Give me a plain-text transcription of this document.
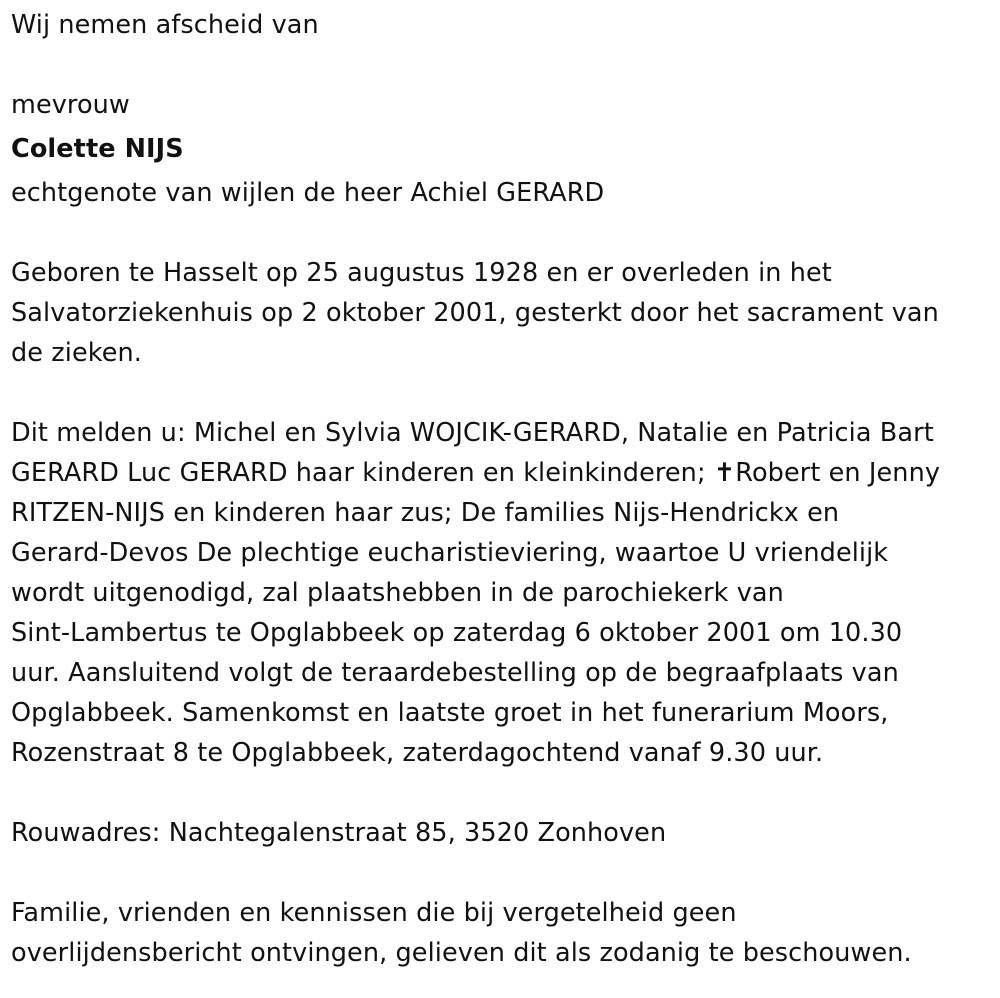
Wij nemen afscheid van
mevrouw
Colette NIJS
echtgenote van wijlen de heer Achiel GERARD
Geboren te Hasselt op 25 augustus 1928 en er overleden in het
Salvatorziekenhuis op 2 oktober 2001, gesterkt door het sacrament van
de zieken.
Dit melden u: Michel en Sylvia WOJCIK-GERARD, Natalie en Patricia Bart
GERARD Luc GERARD haar kinderen en kleinkinderen; ✝Robert en Jenny
RITZEN-NIJS en kinderen haar zus; De families Nijs-Hendrickx en
Gerard-Devos De plechtige eucharistieviering, waartoe U vriendelijk
wordt uitgenodigd, zal plaatshebben in de parochiekerk van
Sint-Lambertus te Opglabbeek op zaterdag 6 oktober 2001 om 10.30
uur. Aansluitend volgt de teraardebestelling op de begraafplaats van
Opglabbeek. Samenkomst en laatste groet in het funerarium Moors,
Rozenstraat 8 te Opglabbeek, zaterdagochtend vanaf 9.30 uur.
Rouwadres: Nachtegalenstraat 85, 3520 Zonhoven
Familie, vrienden en kennissen die bij vergetelheid geen
overlijdensbericht ontvingen, gelieven dit als zodanig te beschouwen.
